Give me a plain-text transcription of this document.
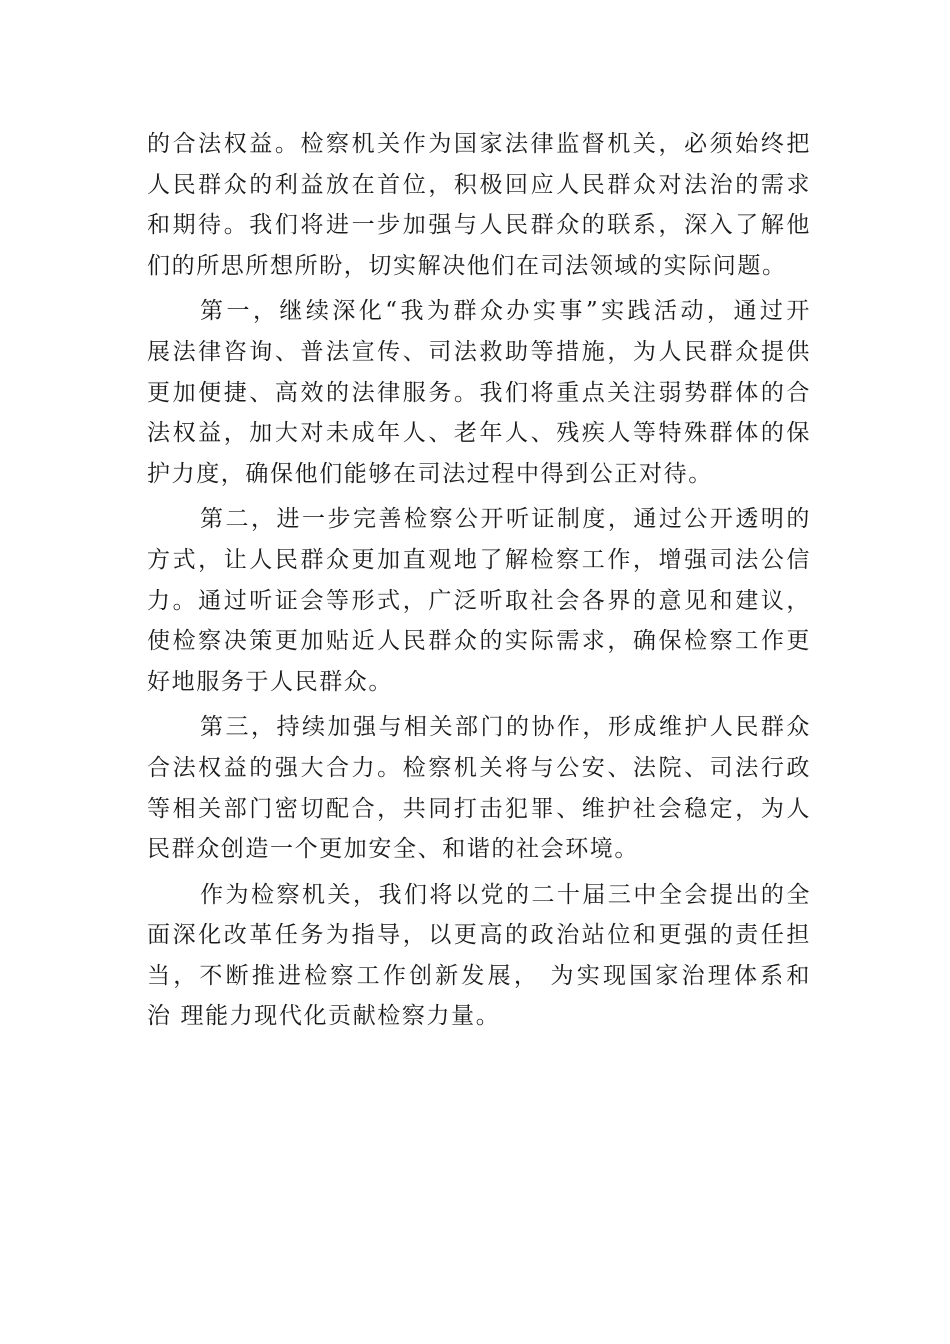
的合法权益。检察机关作为国家法律监督机关，必须始终把
人民群众的利益放在首位，积极回应人民群众对法治的需求
和期待。我们将进一步加强与人民群众的联系，深入了解他
们的所思所想所盼，切实解决他们在司法领域的实际问题。
第一，继续深化“我为群众办实事”实践活动，通过开
展法律咨询、普法宣传、司法救助等措施，为人民群众提供
更加便捷、高效的法律服务。我们将重点关注弱势群体的合
法权益，加大对未成年人、老年人、残疾人等特殊群体的保
护力度，确保他们能够在司法过程中得到公正对待。
第二，进一步完善检察公开听证制度，通过公开透明的
方式，让人民群众更加直观地了解检察工作，增强司法公信
力。通过听证会等形式，广泛听取社会各界的意见和建议，
使检察决策更加贴近人民群众的实际需求，确保检察工作更
好地服务于人民群众。
第三，持续加强与相关部门的协作，形成维护人民群众
合法权益的强大合力。检察机关将与公安、法院、司法行政
等相关部门密切配合，共同打击犯罪、维护社会稳定，为人
民群众创造一个更加安全、和谐的社会环境。
作为检察机关，我们将以党的二十届三中全会提出的全
面深化改革任务为指导，以更高的政治站位和更强的责任担
当，不断推进检察工作创新发展， 为实现国家治理体系和
治 理能力现代化贡献检察力量。
